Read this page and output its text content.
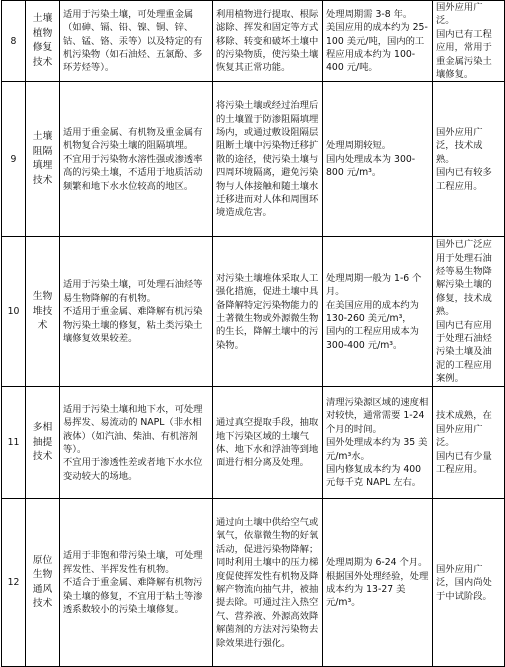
8	土壤
植物
修复
技术	适用于污染土壤，可处理重金属（如砷、镉、铅、镍、铜、锌、钴、锰、铬、汞等）以及特定的有机污染物（如石油烃、五氯酚、多环芳烃等）。	利用植物进行提取、根际滤除、挥发和固定等方式移除、转变和破坏土壤中的污染物质，使污染土壤恢复其正常功能。	处理周期需 3-8 年。
美国应用的成本约为 25-100 美元/吨，国内的工程应用成本约为 100-400 元/吨。	国外应用广泛。
国内已有工程应用，常用于重金属污染土壤修复。

9	土壤
阻隔
填埋
技术	适用于重金属、有机物及重金属有机物复合污染土壤的阻隔填埋。
不宜用于污染物水溶性强或渗透率高的污染土壤，不适用于地质活动频繁和地下水水位较高的地区。	将污染土壤或经过治理后的土壤置于防渗阻隔填埋场内，或通过敷设阻隔层阻断土壤中污染物迁移扩散的途径，使污染土壤与四周环境隔离，避免污染物与人体接触和随土壤水迁移进而对人体和周围环境造成危害。	处理周期较短。
国内处理成本为 300-800 元/m³。	国外应用广泛，技术成熟。
国内已有较多工程应用。

10	生物
堆技
术	适用于污染土壤，可处理石油烃等易生物降解的有机物。
不适用于重金属、难降解有机污染物污染土壤的修复，粘土类污染土壤修复效果较差。	对污染土壤堆体采取人工强化措施，促进土壤中具备降解特定污染物能力的土著微生物或外源微生物的生长，降解土壤中的污染物。	处理周期一般为 1-6 个月。
在美国应用的成本约为 130-260 美元/m³，
国内的工程应用成本为 300-400 元/m³。	国外已广泛应用于处理石油烃等易生物降解污染土壤的修复，技术成熟。
国内已有应用于处理石油烃污染土壤及油泥的工程应用案例。

11	多相
抽提
技术	适用于污染土壤和地下水，可处理易挥发、易流动的 NAPL（非水相液体）（如汽油、柴油、有机溶剂等）。
不宜用于渗透性差或者地下水水位变动较大的场地。	通过真空提取手段，抽取地下污染区域的土壤气体、地下水和浮油等到地面进行相分离及处理。	清理污染源区域的速度相对较快，通常需要 1-24 个月的时间。
国外处理成本约为 35 美元/m³水。
国内修复成本约为 400元每千克 NAPL 左右。	技术成熟，在国外应用广泛。
国内已有少量工程应用。

12	原位
生物
通风
技术	适用于非饱和带污染土壤，可处理挥发性、半挥发性有机物。
不适合于重金属、难降解有机物污染土壤的修复，不宜用于粘土等渗透系数较小的污染土壤修复。	通过向土壤中供给空气或氧气，依靠微生物的好氧活动，促进污染物降解；同时利用土壤中的压力梯度促使挥发性有机物及降解产物流向抽气井，被抽提去除。可通过注入热空气、营养液、外源高效降解菌剂的方法对污染物去除效果进行强化。	处理周期为 6-24 个月。
根据国外处理经验，处理成本约为 13-27 美元/m³。	国外应用广泛，国内尚处于中试阶段。
